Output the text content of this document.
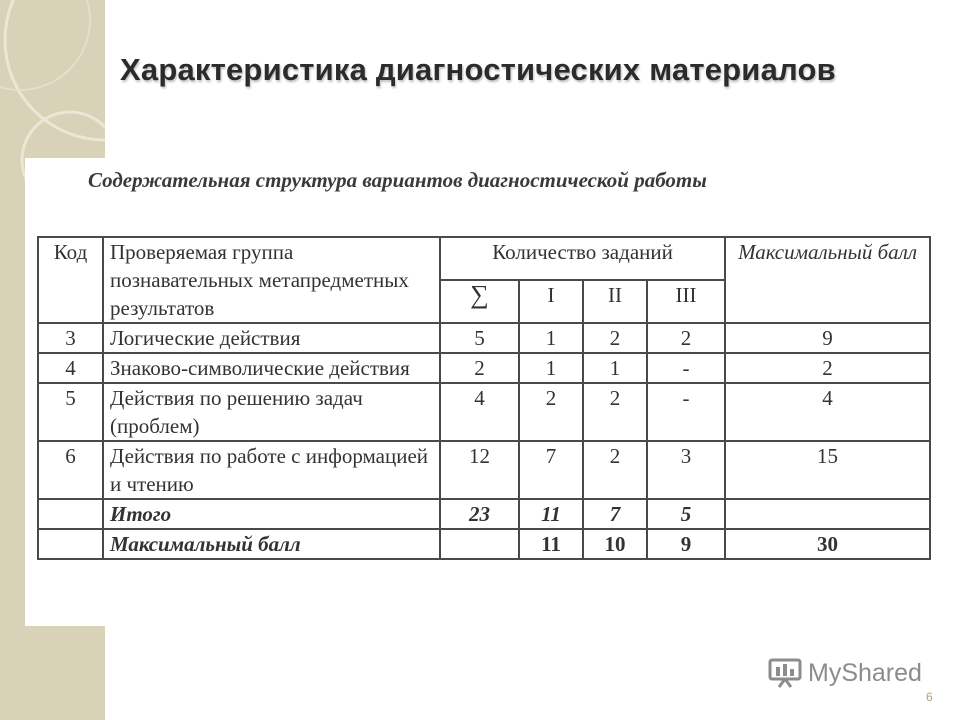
Характеристика диагностических материалов

Содержательная структура вариантов диагностической работы

Код	Проверяемая группа познавательных метапредметных результатов	Количество заданий				Максимальный балл
		∑	I	II	III	
3	Логические действия	5	1	2	2	9
4	Знаково-символические действия	2	1	1	-	2
5	Действия по решению задач (проблем)	4	2	2	-	4
6	Действия по работе с информацией и чтению	12	7	2	3	15
	Итого	23	11	7	5	
	Максимальный балл		11	10	9	30
MyShared
6
